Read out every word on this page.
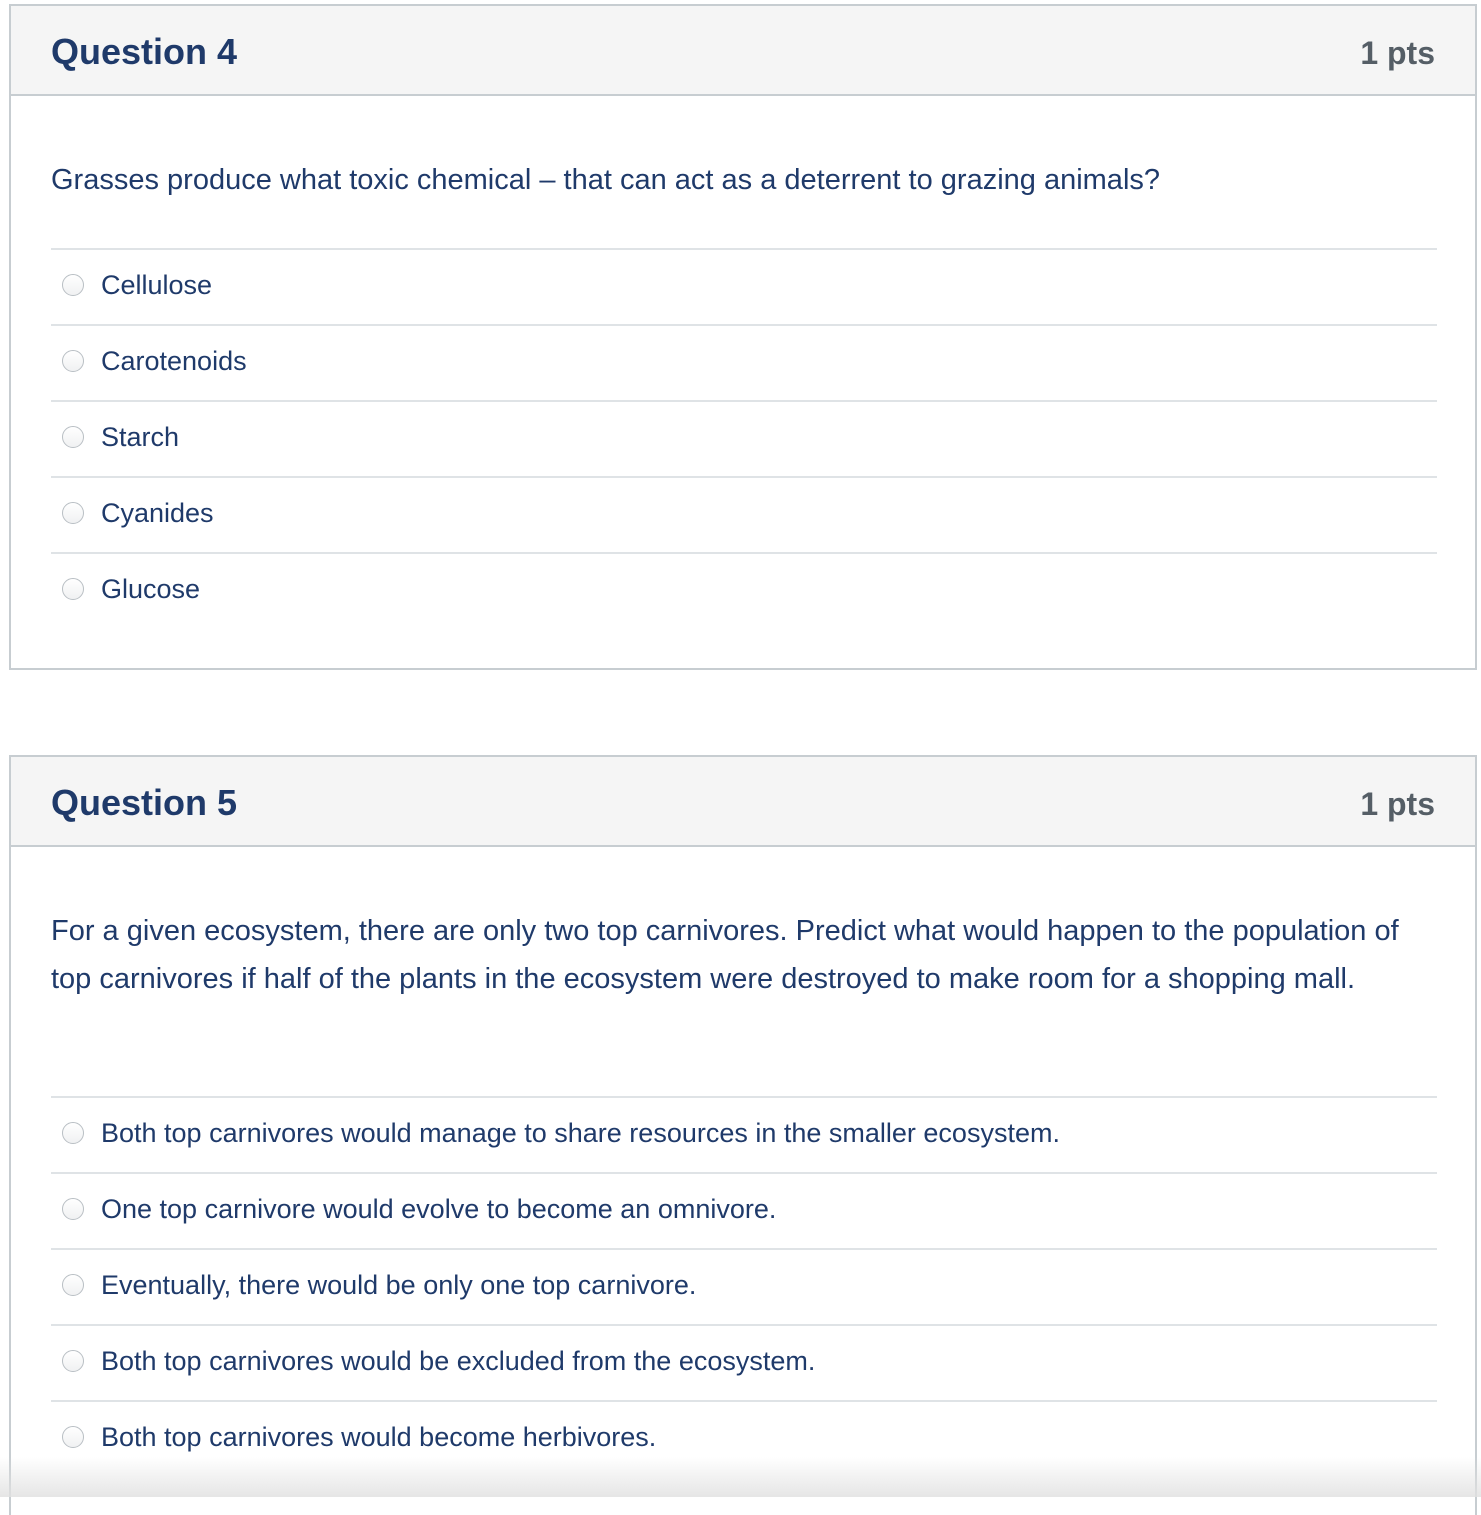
Question 4	1 pts
Grasses produce what toxic chemical – that can act as a deterrent to grazing animals?
Cellulose
Carotenoids
Starch
Cyanides
Glucose
Question 5	1 pts
For a given ecosystem, there are only two top carnivores. Predict what would happen to the population of top carnivores if half of the plants in the ecosystem were destroyed to make room for a shopping mall.
Both top carnivores would manage to share resources in the smaller ecosystem.
One top carnivore would evolve to become an omnivore.
Eventually, there would be only one top carnivore.
Both top carnivores would be excluded from the ecosystem.
Both top carnivores would become herbivores.
